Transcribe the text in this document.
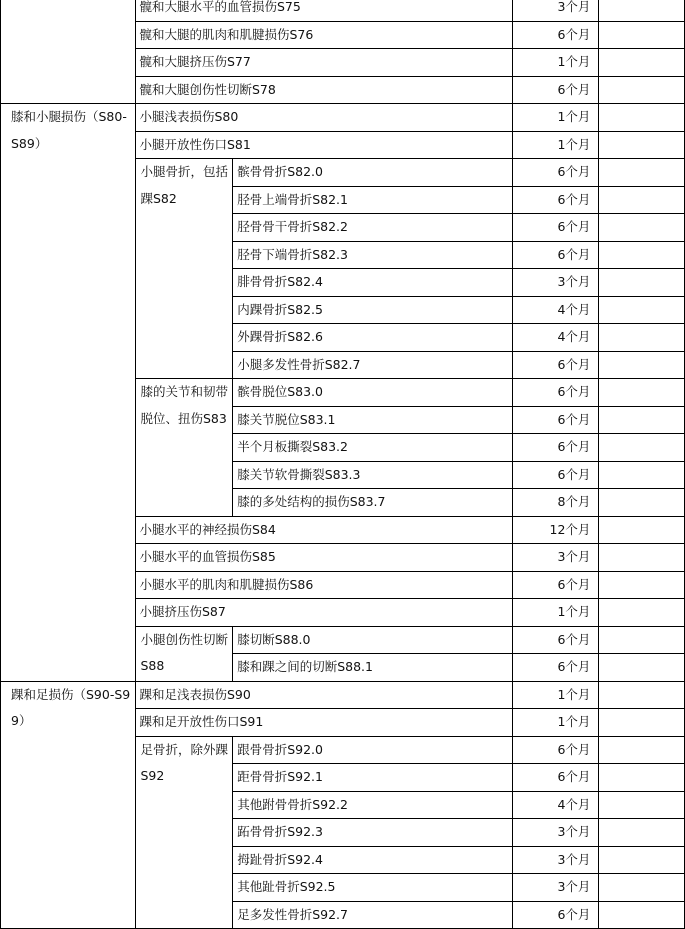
	髋和大腿水平的血管损伤S75		3个月	
	髋和大腿的肌肉和肌腱损伤S76		6个月	
	髋和大腿挤压伤S77		1个月	
	髋和大腿创伤性切断S78		6个月	
膝和小腿损伤（S80-S89）	小腿浅表损伤S80		1个月	
	小腿开放性伤口S81		1个月	
	小腿骨折，包括踝S82	髌骨骨折S82.0	6个月	
		胫骨上端骨折S82.1	6个月	
		胫骨骨干骨折S82.2	6个月	
		胫骨下端骨折S82.3	6个月	
		腓骨骨折S82.4	3个月	
		内踝骨折S82.5	4个月	
		外踝骨折S82.6	4个月	
		小腿多发性骨折S82.7	6个月	
	膝的关节和韧带脱位、扭伤S83	髌骨脱位S83.0	6个月	
		膝关节脱位S83.1	6个月	
		半个月板撕裂S83.2	6个月	
		膝关节软骨撕裂S83.3	6个月	
		膝的多处结构的损伤S83.7	8个月	
	小腿水平的神经损伤S84		12个月	
	小腿水平的血管损伤S85		3个月	
	小腿水平的肌肉和肌腱损伤S86		6个月	
	小腿挤压伤S87		1个月	
	小腿创伤性切断S88	膝切断S88.0	6个月	
		膝和踝之间的切断S88.1	6个月	
踝和足损伤（S90-S99）	踝和足浅表损伤S90		1个月	
	踝和足开放性伤口S91		1个月	
	足骨折，除外踝S92	跟骨骨折S92.0	6个月	
		距骨骨折S92.1	6个月	
		其他跗骨骨折S92.2	4个月	
		跖骨骨折S92.3	3个月	
		拇趾骨折S92.4	3个月	
		其他趾骨折S92.5	3个月	
		足多发性骨折S92.7	6个月	
